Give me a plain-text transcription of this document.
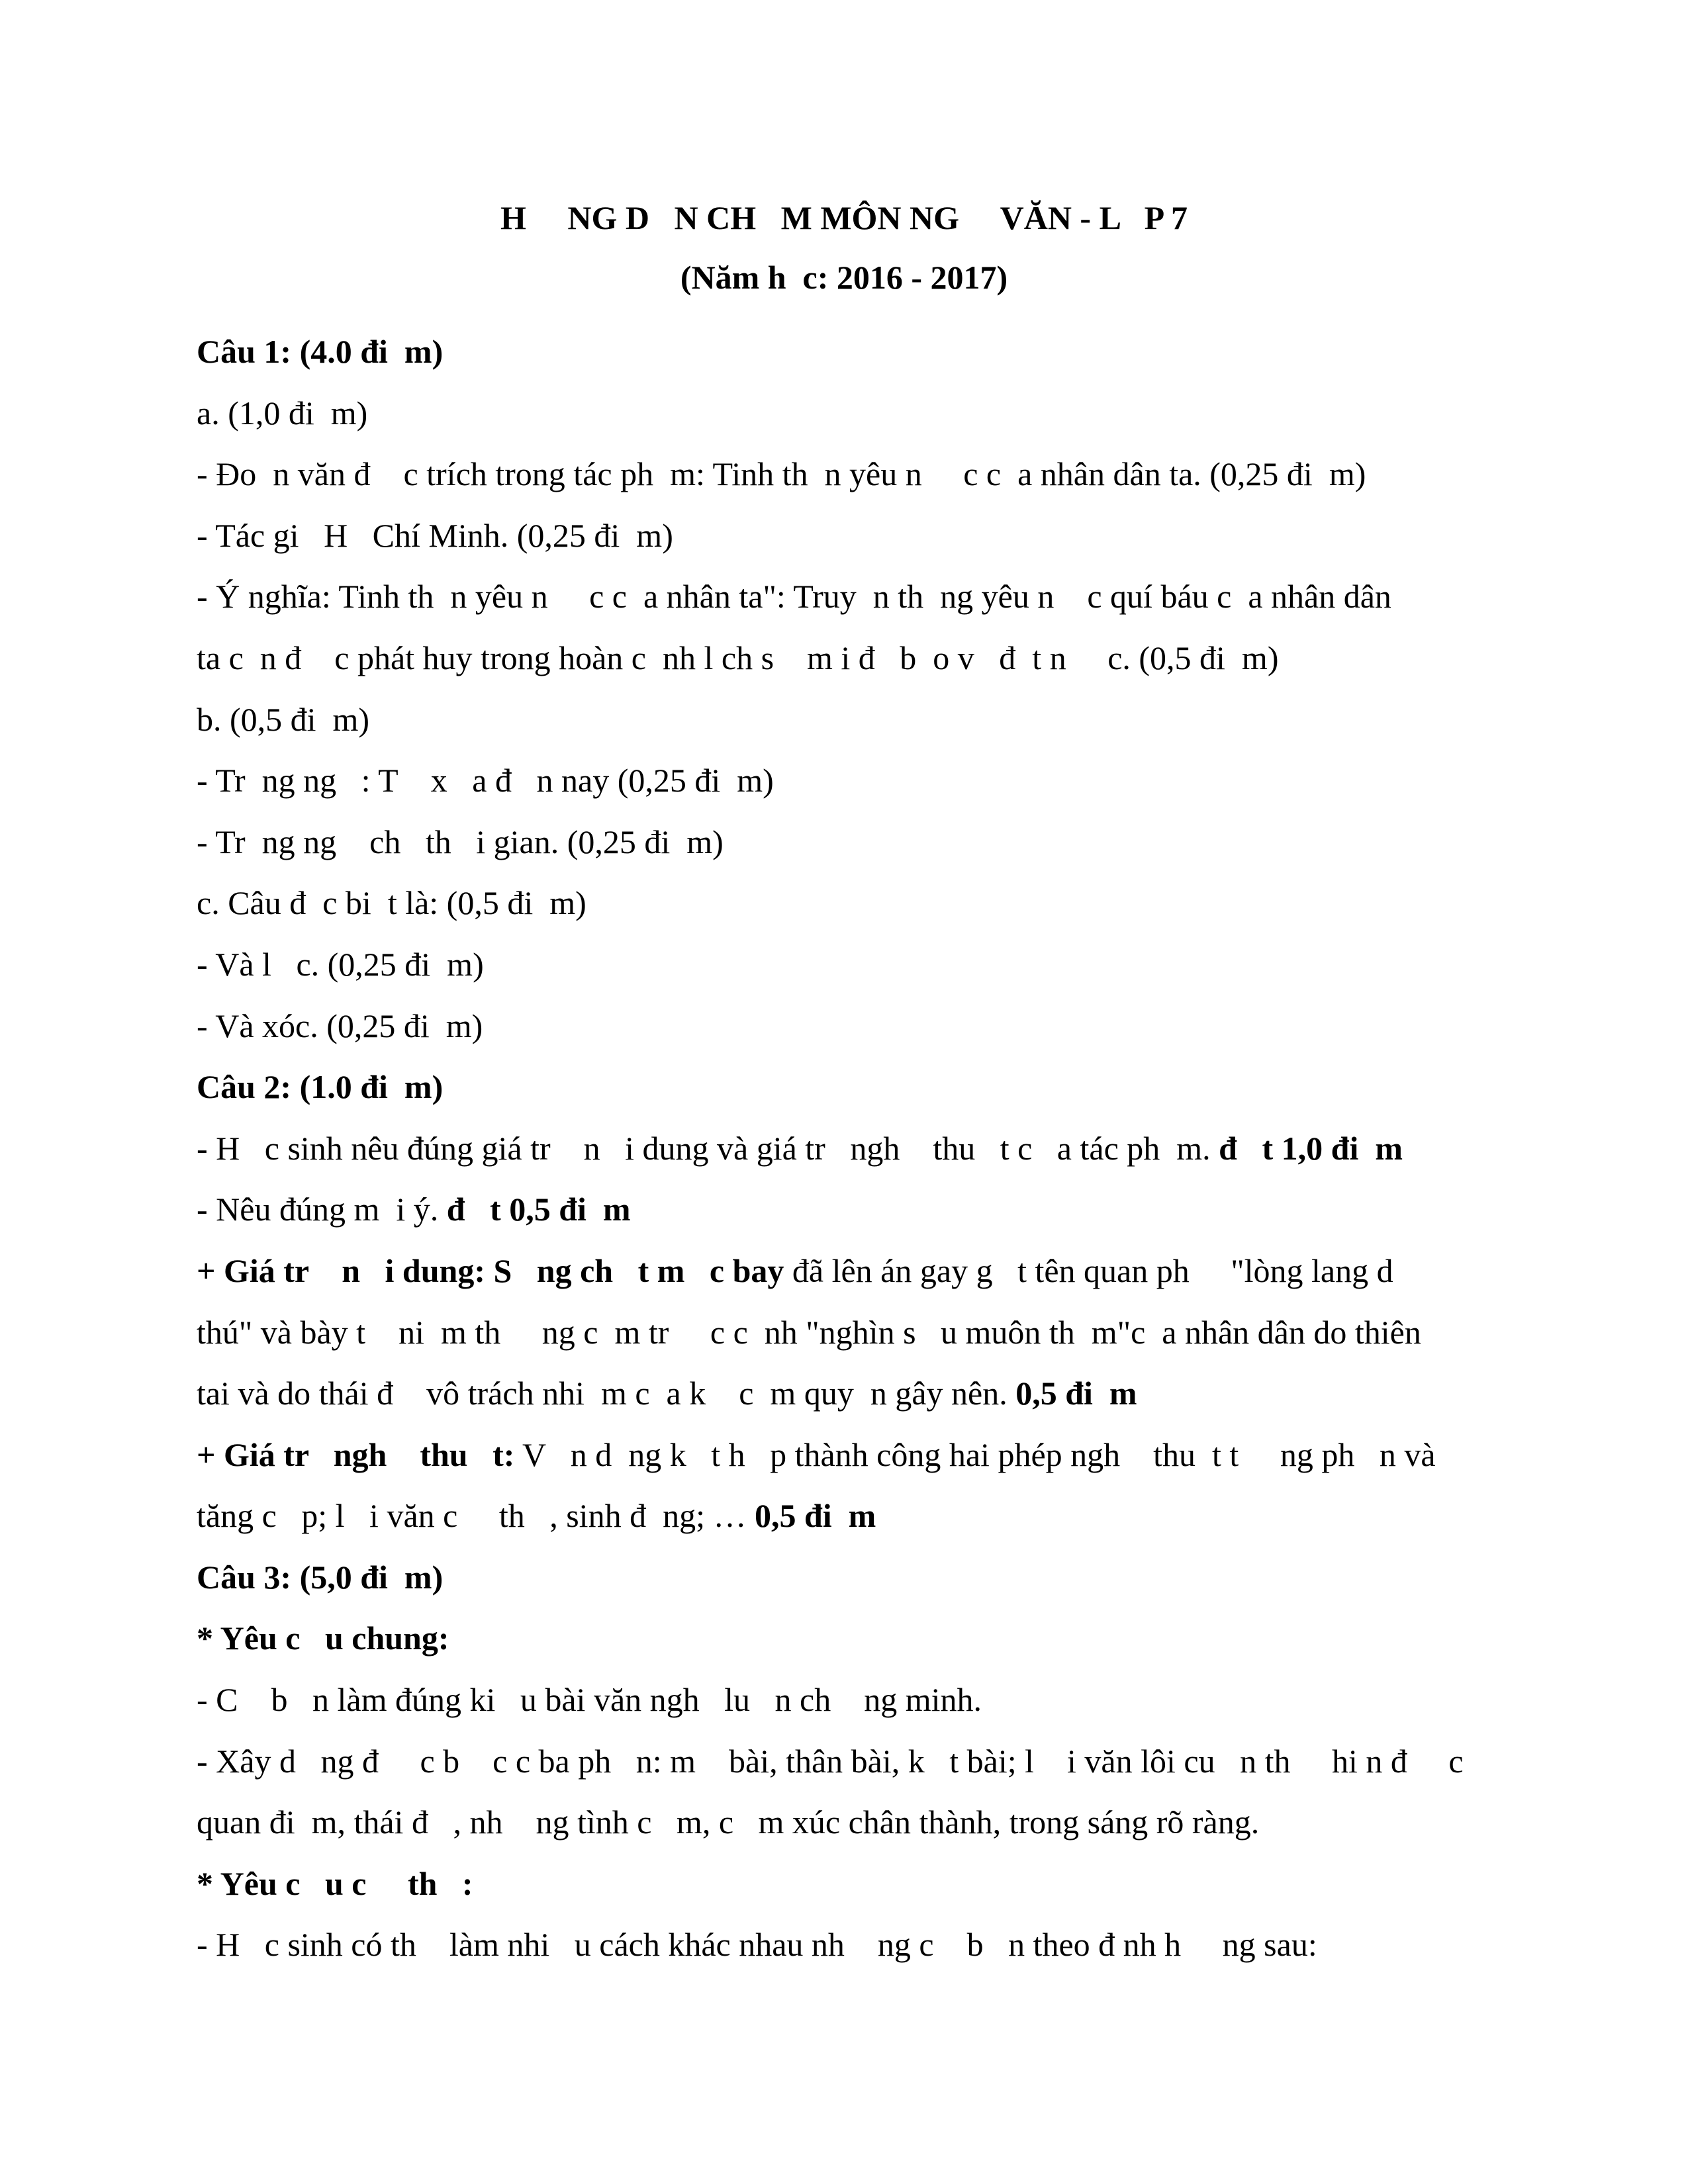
H     NG D   N CH   M MÔN NG     VĂN - L   P 7
(Năm h  c: 2016 - 2017)
Câu 1: (4.0 đi  m)
a. (1,0 đi  m)
- Đo  n văn đ    c trích trong tác ph  m: Tinh th  n yêu n     c c  a nhân dân ta. (0,25 đi  m)
- Tác gi   H   Chí Minh. (0,25 đi  m)
- Ý nghĩa: Tinh th  n yêu n     c c  a nhân ta": Truy  n th  ng yêu n    c quí báu c  a nhân dân
ta c  n đ    c phát huy trong hoàn c  nh l ch s    m i đ   b  o v   đ  t n     c. (0,5 đi  m)
b. (0,5 đi  m)
- Tr  ng ng   : T    x   a đ   n nay (0,25 đi  m)
- Tr  ng ng    ch   th   i gian. (0,25 đi  m)
c. Câu đ  c bi  t là: (0,5 đi  m)
- Và l   c. (0,25 đi  m)
- Và xóc. (0,25 đi  m)
Câu 2: (1.0 đi  m)
- H   c sinh nêu đúng giá tr    n   i dung và giá tr   ngh    thu   t c   a tác ph  m. đ   t 1,0 đi  m
- Nêu đúng m  i ý. đ   t 0,5 đi  m
+ Giá tr    n   i dung: S   ng ch   t m   c bay đã lên án gay g   t tên quan ph     "lòng lang d
thú" và bày t    ni  m th     ng c  m tr     c c  nh "nghìn s   u muôn th  m"c  a nhân dân do thiên
tai và do thái đ    vô trách nhi  m c  a k    c  m quy  n gây nên. 0,5 đi  m
+ Giá tr   ngh    thu   t: V   n d  ng k   t h   p thành công hai phép ngh    thu  t t     ng ph   n và
tăng c   p; l   i văn c     th   , sinh đ  ng; … 0,5 đi  m
Câu 3: (5,0 đi  m)
* Yêu c   u chung:
- C    b   n làm đúng ki   u bài văn ngh   lu   n ch    ng minh.
- Xây d   ng đ     c b    c c ba ph   n: m    bài, thân bài, k   t bài; l    i văn lôi cu   n th     hi n đ     c
quan đi  m, thái đ   , nh    ng tình c   m, c   m xúc chân thành, trong sáng rõ ràng.
* Yêu c   u c     th   :
- H   c sinh có th    làm nhi   u cách khác nhau nh    ng c    b   n theo đ nh h     ng sau:
